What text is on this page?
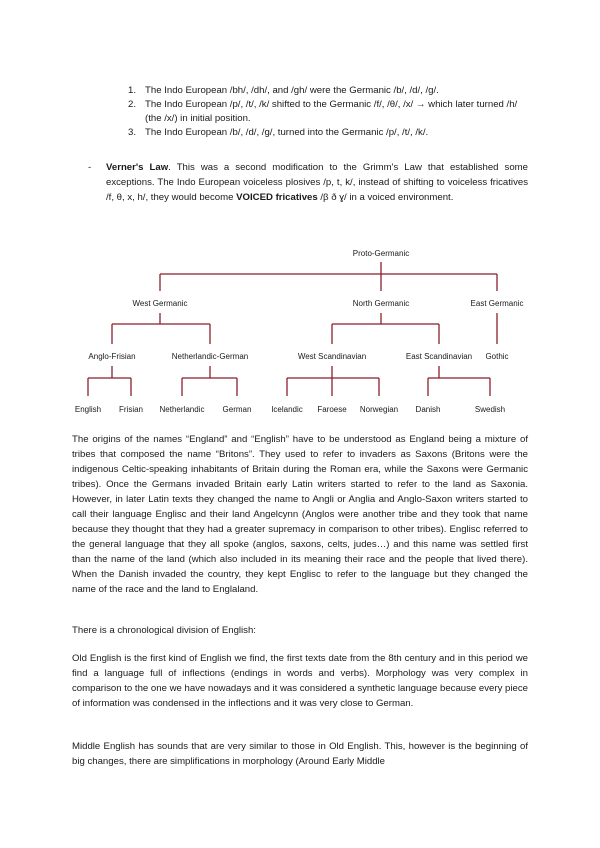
1. The Indo European /bh/, /dh/, and /gh/ were the Germanic /b/, /d/, /g/.
2. The Indo European /p/, /t/, /k/ shifted to the Germanic /f/, /θ/, /x/ → which later turned /h/ (the /x/) in initial position.
3. The Indo European /b/, /d/, /g/, turned into the Germanic /p/, /t/, /k/.
- Verner's Law. This was a second modification to the Grimm's Law that established some exceptions. The Indo European voiceless plosives /p, t, k/, instead of shifting to voiceless fricatives /f, θ, x, h/, they would become VOICED fricatives /β ð ɣ/ in a voiced environment.
Proto-Germanic
West Germanic	North Germanic	East Germanic
Anglo-Frisian	Netherlandic-German	West Scandinavian	East Scandinavian Gothic
English Frisian Netherlandic German Icelandic Faroese Norwegian Danish	Swedish

The origins of the names “England” and “English” have to be understood as England being a mixture of tribes that composed the name “Britons”. They used to refer to invaders as Saxons (Britons were the indigenous Celtic-speaking inhabitants of Britain during the Roman era, while the Saxons were Germanic tribes). Once the Germans invaded Britain early Latin writers started to refer to the land as Saxonia. However, in later Latin texts they changed the name to Angli or Anglia and Anglo-Saxon writers started to call their language Englisc and their land Angelcynn (Anglos were another tribe and they took that name because they thought that they had a greater supremacy in comparison to other tribes). Englisc referred to the general language that they all spoke (anglos, saxons, celts, judes…) and this name was settled first than the name of the land (which also included in its meaning their race and the people that lived there). When the Danish invaded the country, they kept Englisc to refer to the language but they changed the name of the race and the land to Englaland.

There is a chronological division of English:

Old English is the first kind of English we find, the first texts date from the 8th century and in this period we find a language full of inflections (endings in words and verbs). Morphology was very complex in comparison to the one we have nowadays and it was considered a synthetic language because every piece of information was condensed in the inflections and it was very close to German.

Middle English has sounds that are very similar to those in Old English. This, however is the beginning of big changes, there are simplifications in morphology (Around Early Middle
